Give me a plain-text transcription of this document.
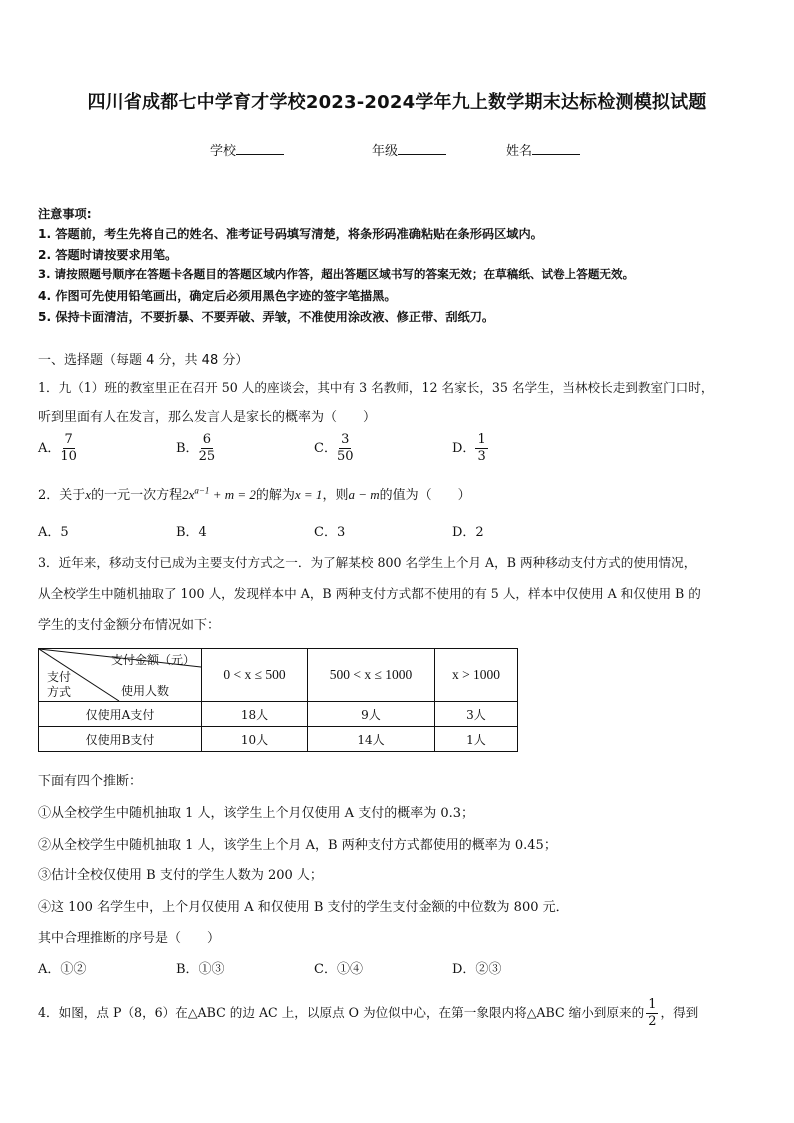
四川省成都七中学育才学校2023-2024学年九上数学期末达标检测模拟试题
学校	年级	姓名
注意事项:
1. 答题前，考生先将自己的姓名、准考证号码填写清楚，将条形码准确粘贴在条形码区域内。
2. 答题时请按要求用笔。
3. 请按照题号顺序在答题卡各题目的答题区域内作答，超出答题区域书写的答案无效；在草稿纸、试卷上答题无效。
4. 作图可先使用铅笔画出，确定后必须用黑色字迹的签字笔描黑。
5. 保持卡面清洁，不要折暴、不要弄破、弄皱，不准使用涂改液、修正带、刮纸刀。
一、选择题（每题 4 分，共 48 分）
1．九（1）班的教室里正在召开 50 人的座谈会，其中有 3 名教师，12 名家长，35 名学生，当林校长走到教室门口时，
听到里面有人在发言，那么发言人是家长的概率为（　　）
A． $\frac{7}{10}$	B． $\frac{6}{25}$	C． $\frac{3}{50}$	D． $\frac{1}{3}$
2．关于x的一元一次方程$2x^{a-1} + m = 2$的解为x = 1，则a − m的值为（　　）
A．5	B．4	C．3	D．2
3．近年来，移动支付已成为主要支付方式之一．为了解某校 800 名学生上个月 A，B 两种移动支付方式的使用情况，
从全校学生中随机抽取了 100 人，发现样本中 A，B 两种支付方式都不使用的有 5 人，样本中仅使用 A 和仅使用 B 的
学生的支付金额分布情况如下：
支付金额（元）
支付
方式 使用人数	0 < x ≤ 500	500 < x ≤ 1000	x > 1000
仅使用A支付	18人	9人	3人
仅使用B支付	10人	14人	1人
下面有四个推断：
①从全校学生中随机抽取 1 人，该学生上个月仅使用 A 支付的概率为 0.3；
②从全校学生中随机抽取 1 人，该学生上个月 A，B 两种支付方式都使用的概率为 0.45；
③估计全校仅使用 B 支付的学生人数为 200 人；
④这 100 名学生中，上个月仅使用 A 和仅使用 B 支付的学生支付金额的中位数为 800 元．
其中合理推断的序号是（　　）
A．①②	B．①③	C．①④	D．②③
4．如图，点 P（8，6）在△ABC 的边 AC 上，以原点 O 为位似中心，在第一象限内将△ABC 缩小到原来的 $\frac{1}{2}$ ，得到
